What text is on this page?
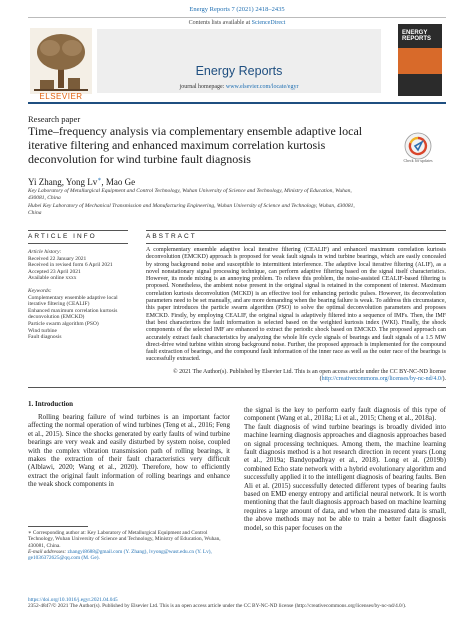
Energy Reports 7 (2021) 2418–2435
Contents lists available at ScienceDirect
Energy Reports
journal homepage: www.elsevier.com/locate/egyr
ELSEVIER
ENERGY REPORTS
Research paper
Time–frequency analysis via complementary ensemble adaptive local iterative filtering and enhanced maximum correlation kurtosis deconvolution for wind turbine fault diagnosis	Check for updates
Yi Zhang, Yong Lv∗, Mao Ge
Key Laboratory of Metallurgical Equipment and Control Technology, Wuhan University of Science and Technology, Ministry of Education, Wuhan, 430081, China
Hubei Key Laboratory of Mechanical Transmission and Manufacturing Engineering, Wuhan University of Science and Technology, Wuhan, 430081, China
ARTICLE INFO	ABSTRACT
Article history:
Received 22 January 2021
Received in revised form 6 April 2021
Accepted 23 April 2021
Available online xxxx
Keywords:
Complementary ensemble adaptive local iterative filtering (CEALIF)
Enhanced maximum correlation kurtosis deconvolution (EMCKD)
Particle swarm algorithm (PSO)
Wind turbine
Fault diagnosis
A complementary ensemble adaptive local iterative filtering (CEALIF) and enhanced maximum correlation kurtosis deconvolution (EMCKD) approach is proposed for weak fault signals in wind turbine bearings, which are easily concealed by strong background noise and susceptible to intermittent interference. The adaptive local iterative filtering (ALIF), as a novel nonstationary signal processing technique, can perform adaptive filtering based on the signal itself characteristics. However, its mode mixing is an annoying problem. To relieve this problem, the noise-assisted CEALIF-based filtering is proposed. Nonetheless, the ambient noise present in the original signal is retained in the component of interest. Maximum correlation kurtosis deconvolution (MCKD) is an effective tool for enhancing periodic pulses. However, its deconvolution parameters need to be set manually, and are more demanding when the bearing failure is weak. To address this circumstance, this paper introduces the particle swarm algorithm (PSO) to solve the optimal deconvolution parameters and proposes EMCKD. Firstly, by employing CEALIF, the original signal is adaptively filtered into a sequence of IMFs. Then, the IMF that best characterizes the fault information is selected based on the weighted kurtosis index (WKI). Finally, the shock components of the selected IMF are enhanced to extract the periodic shock based on EMCKD. The proposed approach can accurately extract fault characteristics by analyzing the whole life cycle signals of bearings and fault signals of a 1.5 MW direct-drive wind turbine within strong background noise. Further, the proposed approach is implemented for the compound fault extraction of bearings, and the compound fault information of the inner race as well as the outer race of the bearings is successfully extracted.
© 2021 The Author(s). Published by Elsevier Ltd. This is an open access article under the CC BY-NC-ND license (http://creativecommons.org/licenses/by-nc-nd/4.0/).
1. Introduction
Rolling bearing failure of wind turbines is an important factor affecting the normal operation of wind turbines (Teng et al., 2016; Feng et al., 2015). Since the shocks generated by early faults of wind turbine bearings are very weak and easily disturbed by system noise, coupled with the complex vibration transmission path of rolling bearings, it makes the extraction of their fault characteristics very difficult (Alblawi, 2020; Wang et al., 2020). Therefore, how to efficiently extract the original fault information of rolling bearings and enhance the weak shock components in
the signal is the key to perform early fault diagnosis of this type of component (Wang et al., 2018a; Li et al., 2015; Cheng et al., 2018a).
The fault diagnosis of wind turbine bearings is broadly divided into machine learning diagnosis approaches and diagnosis approaches based on signal processing techniques. Among them, the machine learning fault diagnosis method is a hot research direction in recent years (Long et al., 2019a; Bandyopadhyay et al., 2018). Long et al. (2019b) combined Echo state network with a hybrid evolutionary algorithm and successfully applied it to the intelligent diagnosis of bearing faults. Ben Ali et al. (2015) successfully detected different types of bearing faults based on EMD energy entropy and artificial neural network. It is worth mentioning that the fault diagnosis approach based on machine learning requires a large amount of data, and when the measured data is small, the above methods may not be able to train a better fault diagnosis model, so this paper focuses on the
∗ Corresponding author at: Key Laboratory of Metallurgical Equipment and Control Technology, Wuhan University of Science and Technology, Ministry of Education, Wuhan, 430081, China.
E-mail addresses: zhangyi8688@gmail.com (Y. Zhang), lvyong@wust.edu.cn (Y. Lv), ge1036372625@qq.com (M. Ge).
https://doi.org/10.1016/j.egyr.2021.04.045
2352-4847/© 2021 The Author(s). Published by Elsevier Ltd. This is an open access article under the CC BY-NC-ND license (http://creativecommons.org/licenses/by-nc-nd/4.0/).
